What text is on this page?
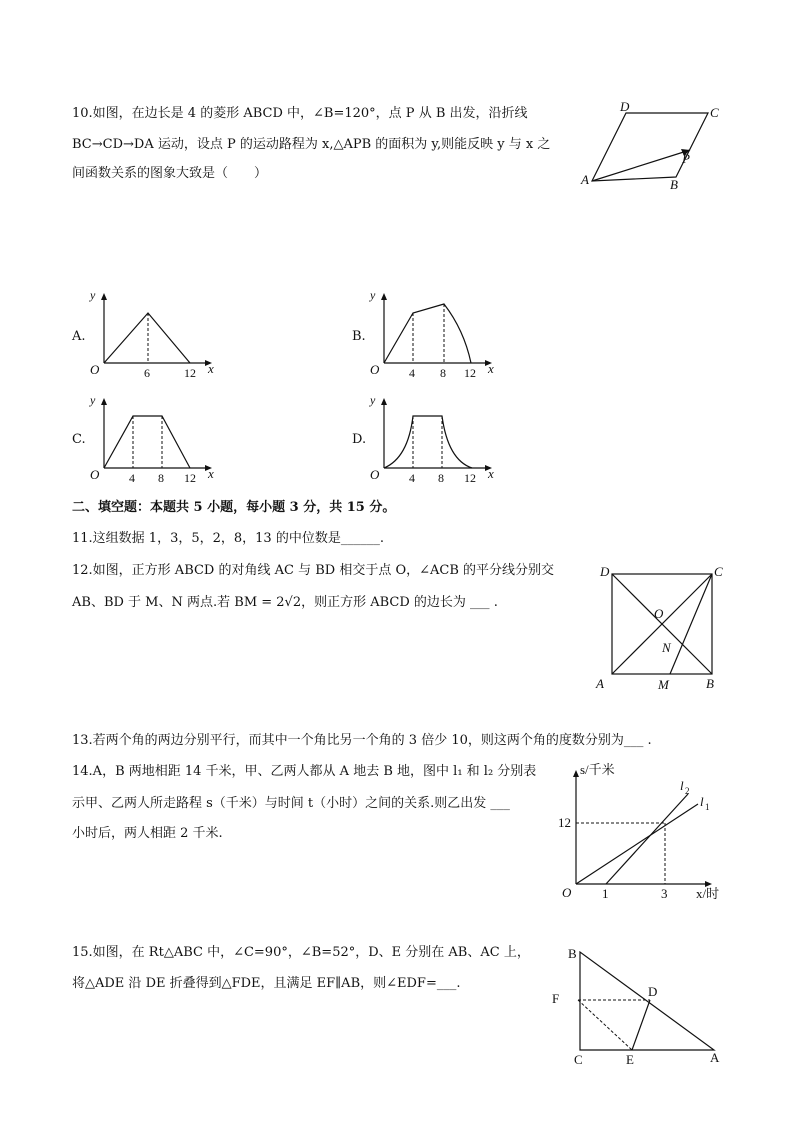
10.如图，在边长是 4 的菱形 ABCD 中，∠B=120°，点 P 从 B 出发，沿折线
BC→CD→DA 运动，设点 P 的运动路程为 x,△APB 的面积为 y,则能反映 y 与 x 之
间函数关系的图象大致是（　　）
D	C
A	B
P
A.
y
O	x
6	12
B.
y
O	x
4 8 12
C.
y
O	x
4 8 12
D.
y
O	x
4 8 12
二、填空题：本题共 5 小题，每小题 3 分，共 15 分。
11.这组数据 1，3，5，2，8，13 的中位数是______.
12.如图，正方形 ABCD 的对角线 AC 与 BD 相交于点 O，∠ACB 的平分线分别交
AB、BD 于 M、N 两点.若 BM = 2√2，则正方形 ABCD 的边长为 ___ .
D	C
O
N
A	M	B
13.若两个角的两边分别平行，而其中一个角比另一个角的 3 倍少 10，则这两个角的度数分别为___ .
14.A，B 两地相距 14 千米，甲、乙两人都从 A 地去 B 地，图中 l₁ 和 l₂ 分别表
示甲、乙两人所走路程 s（千米）与时间 t（小时）之间的关系.则乙出发 ___
小时后，两人相距 2 千米.
s/千米
12
O 1	3 x/时
l 2
l 1
15.如图，在 Rt△ABC 中，∠C=90°，∠B=52°，D、E 分别在 AB、AC 上，
将△ADE 沿 DE 折叠得到△FDE，且满足 EF∥AB，则∠EDF=___.
B
F	D
C	E	A
